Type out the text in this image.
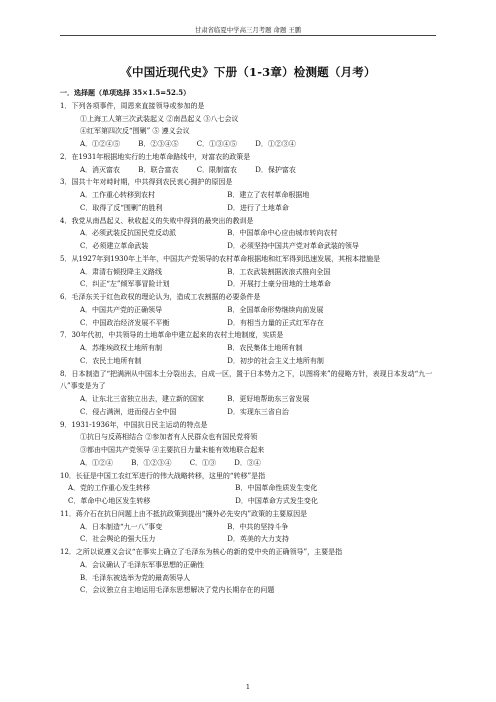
甘肃省临夏中学高三月考题 命题 王鹏
《中国近现代史》下册（1-3章）检测题（月考）
一．选择题（单项选择 35×1.5=52.5）
1．下列各项事件，周恩来直接领导或参加的是
①上海工人第三次武装起义 ②南昌起义 ③八七会议
④红军第四次反“围剿” ⑤ 遵义会议
A．①②④⑤	B．②③④⑤	C．①③④⑤	D．①②③④
2．在1931年根据地实行的土地革命路线中，对富农的政策是
A．消灭富农	B．联合富农	C．限制富农	D．保护富农
3．国共十年对峙时期，中共得到农民衷心拥护的原因是
A．工作重心转移到农村	B．建立了农村革命根据地
C．取得了反“围剿”的胜利	D．进行了土地革命
4．我党从南昌起义、秋收起义的失败中得到的最突出的教训是
A．必须武装反抗国民党反动派	B．中国革命中心应由城市转向农村
C．必须建立革命武装	D．必须坚持中国共产党对革命武装的领导
5．从1927年到1930年上半年，中国共产党领导的农村革命根据地和红军得到迅速发展，其根本措施是
A．肃清右倾投降主义路线	B．工农武装割据波浪式推向全国
C．纠正“左”倾军事冒险计划	D．开展打土豪分田地的土地革命
6．毛泽东关于红色政权的理论认为，造成工农割据的必要条件是
A．中国共产党的正确领导	B．全国革命形势继续向前发展
C．中国政治经济发展不平衡	D．有相当力量的正式红军存在
7．30年代初，中共领导的土地革命中建立起来的农村土地制度，实质是
A．苏维埃政权土地所有制	B．农民集体土地所有制
C．农民土地所有制	D．初步的社会主义土地所有制
8．日本制造了“把满洲从中国本土分裂出去，自成一区，置于日本势力之下，以图将来”的侵略方针，表现日本发动“九一八”事变是为了
A．让东北三省独立出去，建立新的国家	B．更好地帮助东三省发展
C．侵占满洲，进而侵占全中国	D．实现东三省自治
9．1931-1936年，中国抗日民主运动的特点是
①抗日与反蒋相结合 ②参加者有人民群众也有国民党将领
③都由中国共产党领导 ④主要抗日力量未能有效地联合起来
A．①②④	B．①②③④	C．①③	D．③④
10．长征是中国工农红军进行的伟大战略转移，这里的“转移”是指
A．党的工作重心发生转移	B．中国革命性质发生变化
C．革命中心地区发生转移	D．中国革命方式发生变化
11．蒋介石在抗日问题上由不抵抗政策到提出“攘外必先安内”政策的主要原因是
A．日本制造“九一八”事变	B．中共的坚持斗争
C．社会舆论的强大压力	D．英美的大力支持
12．之所以说遵义会议“在事实上确立了毛泽东为核心的新的党中央的正确领导”，主要是指
A．会议确认了毛泽东军事思想的正确性
B．毛泽东被选举为党的最高领导人
C．会议独立自主地运用毛泽东思想解决了党内长期存在的问题
1
